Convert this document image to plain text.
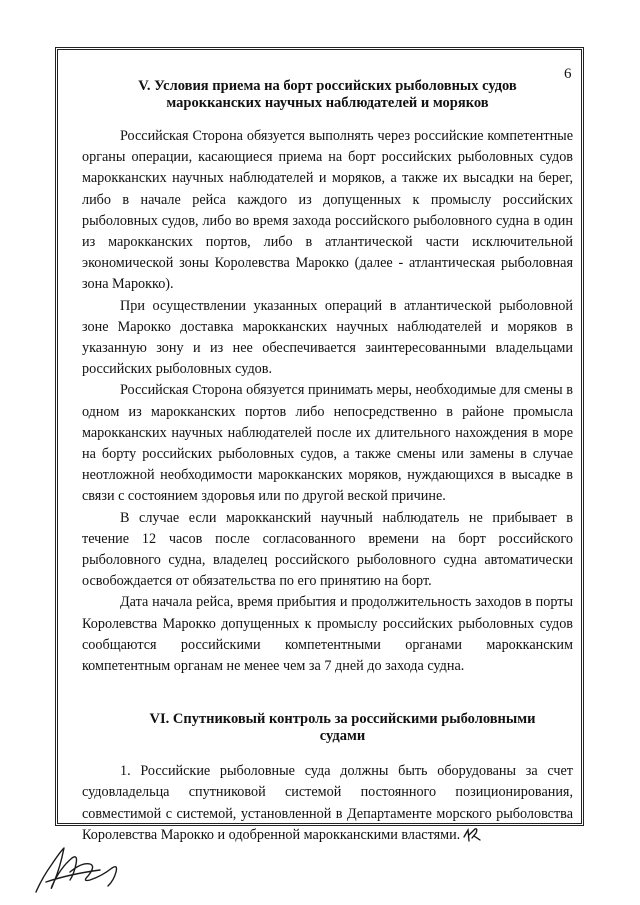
6
V. Условия приема на борт российских рыболовных судов
марокканских научных наблюдателей и моряков

Российская Сторона обязуется выполнять через российские компетентные органы операции, касающиеся приема на борт российских рыболовных судов марокканских научных наблюдателей и моряков, а также их высадки на берег, либо в начале рейса каждого из допущенных к промыслу российских рыболовных судов, либо во время захода российского рыболовного судна в один из марокканских портов, либо в атлантической части исключительной экономической зоны Королевства Марокко (далее - атлантическая рыболовная зона Марокко).

При осуществлении указанных операций в атлантической рыболовной зоне Марокко доставка марокканских научных наблюдателей и моряков в указанную зону и из нее обеспечивается заинтересованными владельцами российских рыболовных судов.

Российская Сторона обязуется принимать меры, необходимые для смены в одном из марокканских портов либо непосредственно в районе промысла марокканских научных наблюдателей после их длительного нахождения в море на борту российских рыболовных судов, а также смены или замены в случае неотложной необходимости марокканских моряков, нуждающихся в высадке в связи с состоянием здоровья или по другой веской причине.

В случае если марокканский научный наблюдатель не прибывает в течение 12 часов после согласованного времени на борт российского рыболовного судна, владелец российского рыболовного судна автоматически освобождается от обязательства по его принятию на борт.

Дата начала рейса, время прибытия и продолжительность заходов в порты Королевства Марокко допущенных к промыслу российских рыболовных судов сообщаются российскими компетентными органами марокканским компетентным органам не менее чем за 7 дней до захода судна.

VI. Спутниковый контроль за российскими рыболовными
судами

1. Российские рыболовные суда должны быть оборудованы за счет судовладельца спутниковой системой постоянного позиционирования, совместимой с системой, установленной в Департаменте морского рыболовства Королевства Марокко и одобренной марокканскими властями.
